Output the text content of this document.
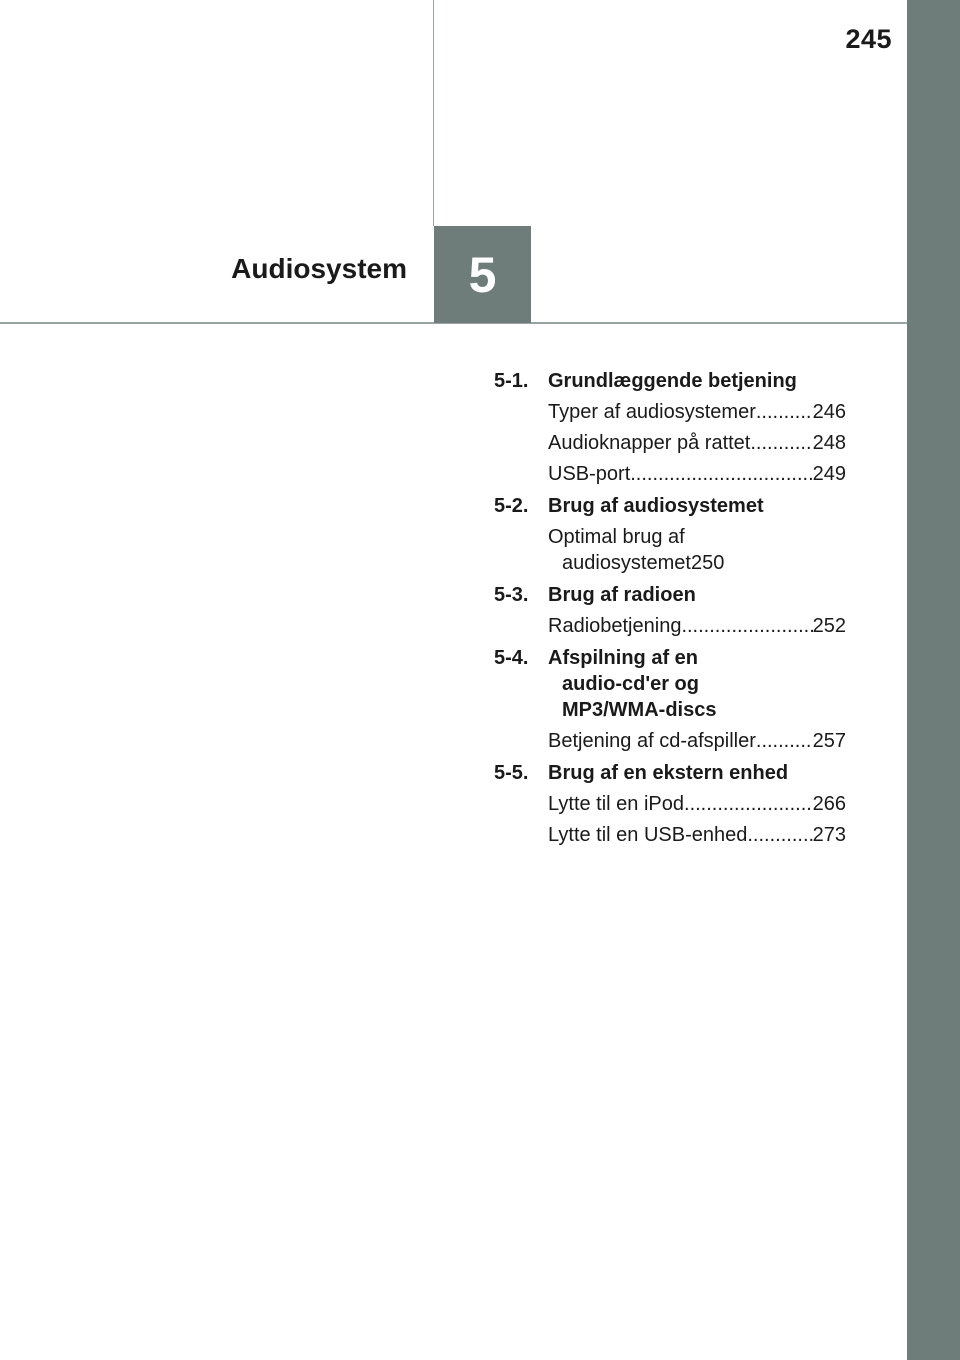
245
Audiosystem 5
5-1. Grundlæggende betjening
Typer af audiosystemer .....	246
Audioknapper på rattet .....	248
USB-port .....	249
5-2. Brug af audiosystemet
Optimal brug af
audiosystemet 250
5-3. Brug af radioen
Radiobetjening .....	252
5-4. Afspilning af en
audio-cd'er og
MP3/WMA-discs
Betjening af cd-afspiller .....	257
5-5. Brug af en ekstern enhed
Lytte til en iPod .....	266
Lytte til en USB-enhed .....	273
